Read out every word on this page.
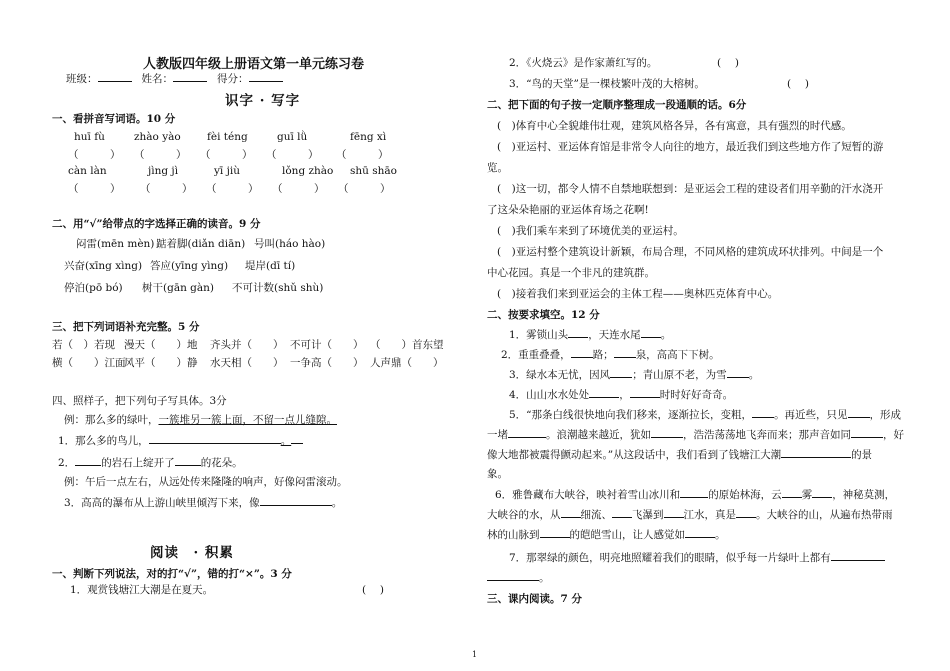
人教版四年级上册语文第一单元练习卷
班级：	姓名：	得分：
识字 · 写字
一、看拼音写词语。10 分
huī fù	zhào yào	fèi téng	guī lǜ	fēng xì
（　　　） （　　　） （　　　） （　　　） （　　　）
càn làn	jìng jì	yī jiù	lǒng zhào shū shāo
（　　　） （　　　） （　　　） （　　　） （　　　）
二、用“√”给带点的字选择正确的读音。9 分
闷雷(mēn mèn) 踮着脚(diǎn diān) 号叫(háo hào)
兴奋(xīng xìng) 答应(yīng yìng) 堤岸(dī tí)
停泊(pō bó) 树干(gān gàn) 不可计数(shǔ shù)
三、把下列词语补充完整。5 分
若（　）若现 漫天（　　）地 齐头并（　　） 不可计（　　） （　　）首东望
横（　　）江面风平（　　）静 水天相（　　） 一争高（　　） 人声鼎（　　）
四、照样子，把下列句子写具体。3分
例：那么多的绿叶，一簇堆另一簇上面，不留一点儿缝隙。
1．那么多的鸟儿，	。
2． 的岩石上绽开了 的花朵。
例：午后一点左右，从远处传来隆隆的响声，好像闷雷滚动。
3．高高的瀑布从上游山峡里倾泻下来，像	。
阅读　· 积累
一、判断下列说法，对的打“√”，错的打“×”。3 分
1．观赏钱塘江大潮是在夏天。	(　 )
2．《火烧云》是作家萧红写的。	(　 )
3．“鸟的天堂”是一棵枝繁叶茂的大榕树。	(　 )
二、把下面的句子按一定顺序整理成一段通顺的话。6分
(　)体育中心全貌雄伟壮观，建筑风格各异，各有寓意，具有强烈的时代感。
(　)亚运村、亚运体育馆是非常令人向往的地方，最近我们到这些地方作了短暂的游
览。
(　)这一切，都令人情不自禁地联想到：是亚运会工程的建设者们用辛勤的汗水浇开
了这朵朵艳丽的亚运体育场之花啊!
(　)我们乘车来到了环境优美的亚运村。
(　)亚运村整个建筑设计新颖，布局合理，不同风格的建筑成环状排列。中间是一个
中心花园。真是一个非凡的建筑群。
(　)接着我们来到亚运会的主体工程——奥林匹克体育中心。
二、按要求填空。12 分
1．雾锁山头 ，天连水尾 。
2．重重叠叠， 路； 泉，高高下下树。
3．绿水本无忧，因风 ；青山原不老，为雪 。
4．山山水水处处	，	时时好好奇奇。
5．“那条白线很快地向我们移来，逐渐拉长，变粗， 。再近些，只见 ，形成
一堵	。浪潮越来越近，犹如	，浩浩荡荡地飞奔而来；那声音如同	，好
像大地都被震得颤动起来。”从这段话中，我们看到了钱塘江大潮	的景
象。
6．雅鲁藏布大峡谷，映衬着雪山冰川和	的原始林海，云 雾 ，神秘莫测，
大峡谷的水，从 细流、 飞瀑到 江水，真是 。大峡谷的山，从遍布热带雨
林的山脉到	的皑皑雪山，让人感觉如	。
7．那翠绿的颜色，明亮地照耀着我们的眼睛，似乎每一片绿叶上都有
。
三、课内阅读。7 分
1
